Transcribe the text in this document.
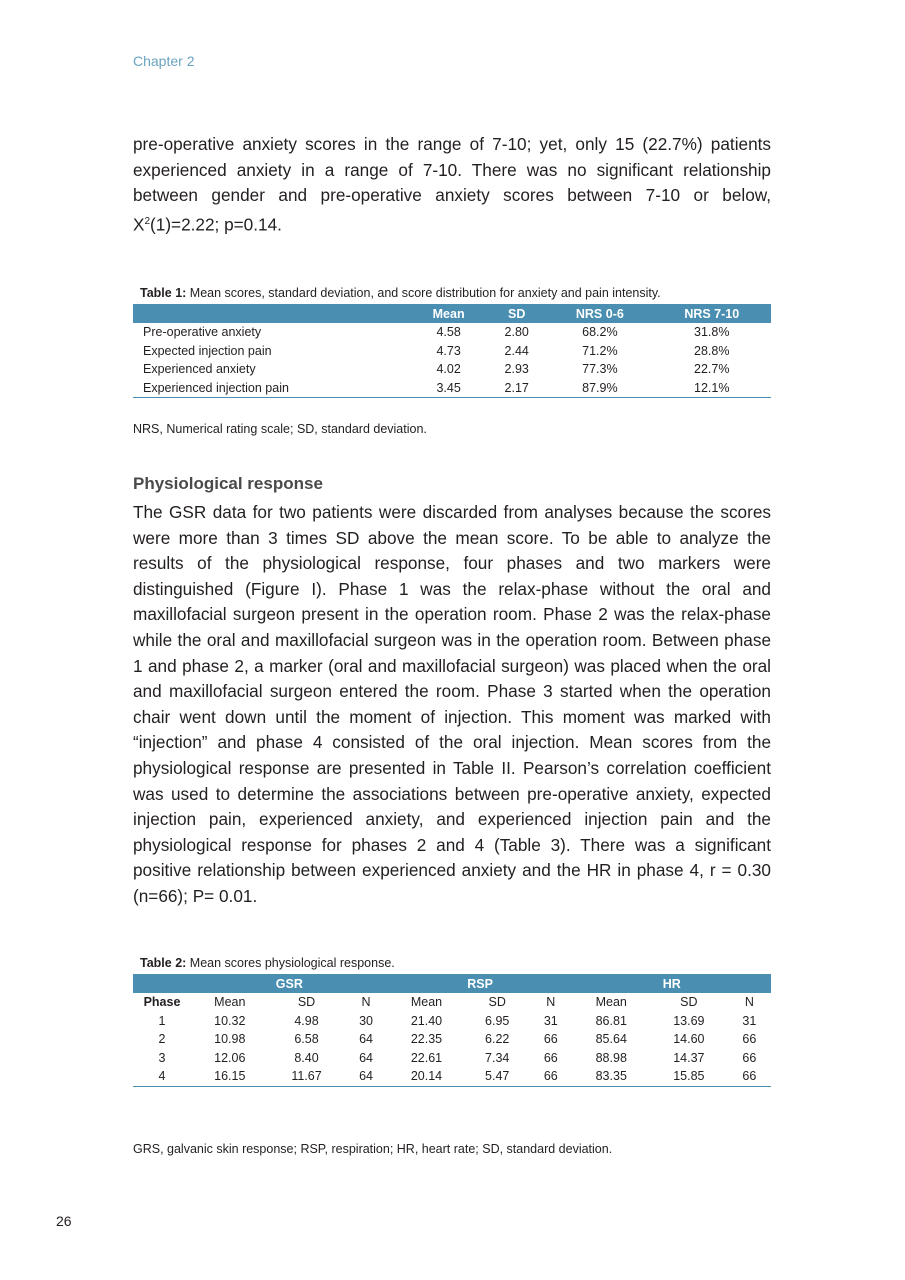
Chapter 2

pre-operative anxiety scores in the range of 7-10; yet, only 15 (22.7%) patients experienced anxiety in a range of 7-10. There was no significant relationship between gender and pre-operative anxiety scores between 7-10 or below, $X^2(1)=2.22$; p=0.14.

Table 1: Mean scores, standard deviation, and score distribution for anxiety and pain intensity.
	Mean	SD	NRS 0-6	NRS 7-10
Pre-operative anxiety	4.58	2.80	68.2%	31.8%
Expected injection pain	4.73	2.44	71.2%	28.8%
Experienced anxiety	4.02	2.93	77.3%	22.7%
Experienced injection pain	3.45	2.17	87.9%	12.1%
NRS, Numerical rating scale; SD, standard deviation.
Physiological response

The GSR data for two patients were discarded from analyses because the scores were more than 3 times SD above the mean score. To be able to analyze the results of the physiological response, four phases and two markers were distinguished (Figure I). Phase 1 was the relax-phase without the oral and maxillofacial surgeon present in the operation room. Phase 2 was the relax-phase while the oral and maxillofacial surgeon was in the operation room. Between phase 1 and phase 2, a marker (oral and maxillofacial surgeon) was placed when the oral and maxillofacial surgeon entered the room. Phase 3 started when the operation chair went down until the moment of injection. This moment was marked with “injection” and phase 4 consisted of the oral injection. Mean scores from the physiological response are presented in Table II. Pearson’s correlation coefficient was used to determine the associations between pre-operative anxiety, expected injection pain, experienced anxiety, and experienced injection pain and the physiological response for phases 2 and 4 (Table 3). There was a significant positive relationship between experienced anxiety and the HR in phase 4, r = 0.30 (n=66); P= 0.01.

Table 2: Mean scores physiological response.
	GSR			RSP			HR		
Phase	Mean	SD	N	Mean	SD	N	Mean	SD	N
1	10.32	4.98	30	21.40	6.95	31	86.81	13.69	31
2	10.98	6.58	64	22.35	6.22	66	85.64	14.60	66
3	12.06	8.40	64	22.61	7.34	66	88.98	14.37	66
4	16.15	11.67	64	20.14	5.47	66	83.35	15.85	66
GRS, galvanic skin response; RSP, respiration; HR, heart rate; SD, standard deviation.
26
